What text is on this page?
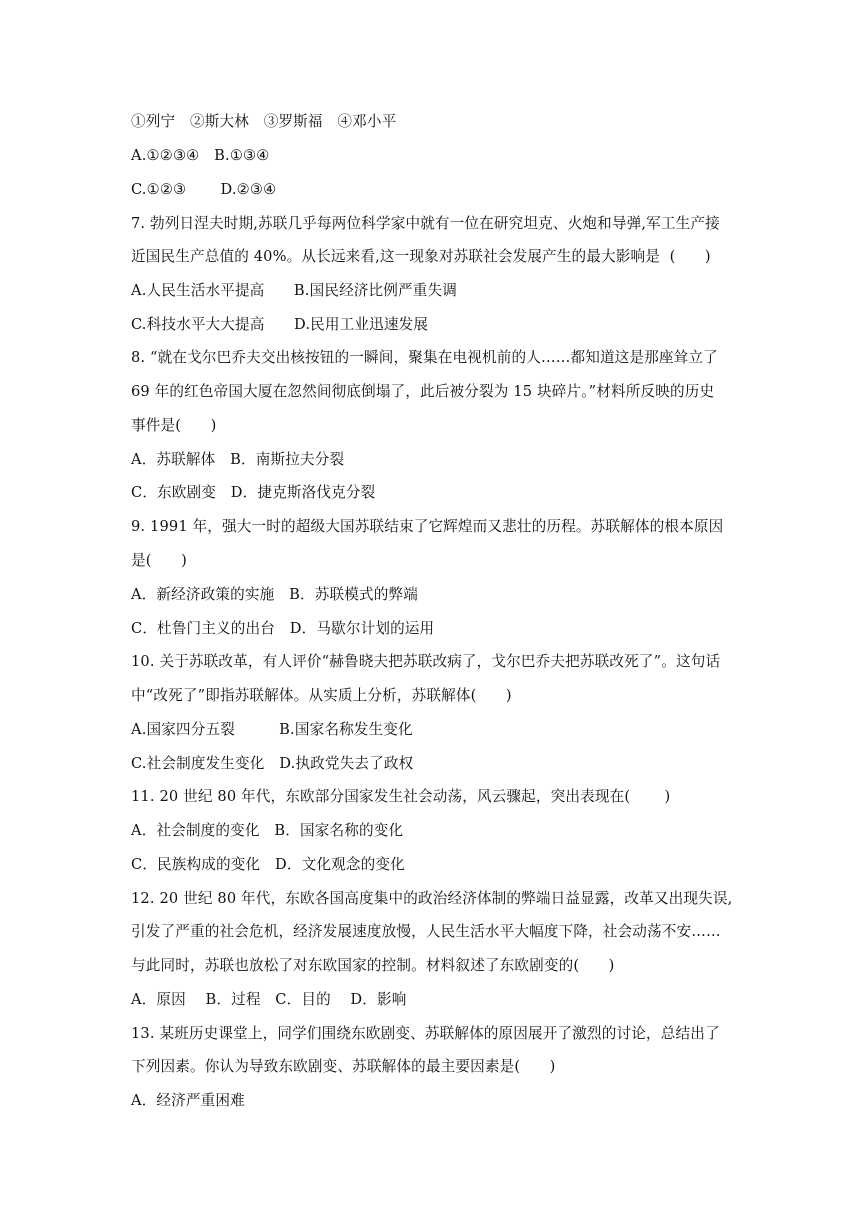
①列宁　②斯大林　③罗斯福　④邓小平
A.①②③④　B.①③④
C.①②③　　 D.②③④
7. 勃列日涅夫时期,苏联几乎每两位科学家中就有一位在研究坦克、火炮和导弹,军工生产接
近国民生产总值的 40%。从长远来看,这一现象对苏联社会发展产生的最大影响是  (　　)
A.人民生活水平提高　　B.国民经济比例严重失调
C.科技水平大大提高　　D.民用工业迅速发展
8. “就在戈尔巴乔夫交出核按钮的一瞬间，聚集在电视机前的人……都知道这是那座耸立了
69 年的红色帝国大厦在忽然间彻底倒塌了，此后被分裂为 15 块碎片。”材料所反映的历史
事件是(　　)
A．苏联解体　B．南斯拉夫分裂
C．东欧剧变　D．捷克斯洛伐克分裂
9. 1991 年，强大一时的超级大国苏联结束了它辉煌而又悲壮的历程。苏联解体的根本原因
是(　　)
A．新经济政策的实施　B．苏联模式的弊端
C．杜鲁门主义的出台　D．马歇尔计划的运用
10. 关于苏联改革，有人评价“赫鲁晓夫把苏联改病了，戈尔巴乔夫把苏联改死了”。这句话
中“改死了”即指苏联解体。从实质上分析，苏联解体(　　)
A.国家四分五裂　　　B.国家名称发生变化
C.社会制度发生变化　D.执政党失去了政权
11. 20 世纪 80 年代，东欧部分国家发生社会动荡，风云骤起，突出表现在(　　 )
A．社会制度的变化　B．国家名称的变化
C．民族构成的变化　D．文化观念的变化
12. 20 世纪 80 年代，东欧各国高度集中的政治经济体制的弊端日益显露，改革又出现失误,
引发了严重的社会危机，经济发展速度放慢，人民生活水平大幅度下降，社会动荡不安……
与此同时，苏联也放松了对东欧国家的控制。材料叙述了东欧剧变的(　　)
A．原因　 B．过程　C．目的　 D．影响
13. 某班历史课堂上，同学们围绕东欧剧变、苏联解体的原因展开了激烈的讨论，总结出了
下列因素。你认为导致东欧剧变、苏联解体的最主要因素是(　　)
A．经济严重困难
